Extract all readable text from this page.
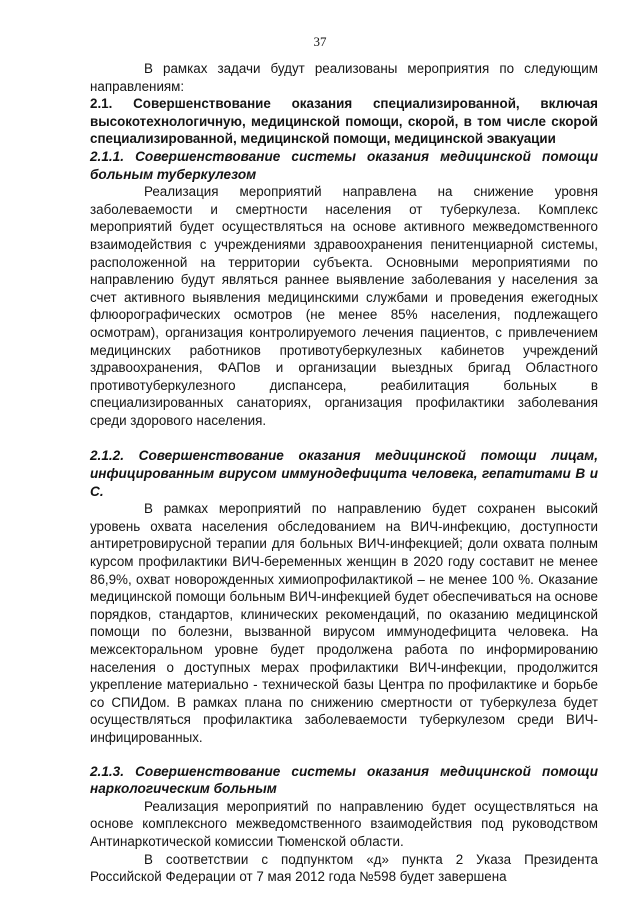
37

В рамках задачи будут реализованы мероприятия по следующим направлениям:

2.1. Совершенствование оказания специализированной, включая высокотехнологичную, медицинской помощи, скорой, в том числе скорой специализированной, медицинской помощи, медицинской эвакуации

2.1.1. Совершенствование системы оказания медицинской помощи больным туберкулезом

Реализация мероприятий направлена на снижение уровня заболеваемости и смертности населения от туберкулеза. Комплекс мероприятий будет осуществляться на основе активного межведомственного взаимодействия с учреждениями здравоохранения пенитенциарной системы, расположенной на территории субъекта. Основными мероприятиями по направлению будут являться раннее выявление заболевания у населения за счет активного выявления медицинскими службами и проведения ежегодных флюорографических осмотров (не менее 85% населения, подлежащего осмотрам), организация контролируемого лечения пациентов, с привлечением медицинских работников противотуберкулезных кабинетов учреждений здравоохранения, ФАПов и организации выездных бригад Областного противотуберкулезного диспансера, реабилитация больных в специализированных санаториях, организация профилактики заболевания среди здорового населения.

2.1.2. Совершенствование оказания медицинской помощи лицам, инфицированным вирусом иммунодефицита человека, гепатитами В и С.

В рамках мероприятий по направлению будет сохранен высокий уровень охвата населения обследованием на ВИЧ-инфекцию, доступности антиретровирусной терапии для больных ВИЧ-инфекцией; доли охвата полным курсом профилактики ВИЧ-беременных женщин в 2020 году составит не менее 86,9%, охват новорожденных химиопрофилактикой – не менее 100 %. Оказание медицинской помощи больным ВИЧ-инфекцией будет обеспечиваться на основе порядков, стандартов, клинических рекомендаций, по оказанию медицинской помощи по болезни, вызванной вирусом иммунодефицита человека. На межсекторальном уровне будет продолжена работа по информированию населения о доступных мерах профилактики ВИЧ-инфекции, продолжится укрепление материально - технической базы Центра по профилактике и борьбе со СПИДом. В рамках плана по снижению смертности от туберкулеза будет осуществляться профилактика заболеваемости туберкулезом среди ВИЧ-инфицированных.

2.1.3. Совершенствование системы оказания медицинской помощи наркологическим больным

Реализация мероприятий по направлению будет осуществляться на основе комплексного межведомственного взаимодействия под руководством Антинаркотической комиссии Тюменской области.

В соответствии с подпунктом «д» пункта 2 Указа Президента Российской Федерации от 7 мая 2012 года №598 будет завершена
